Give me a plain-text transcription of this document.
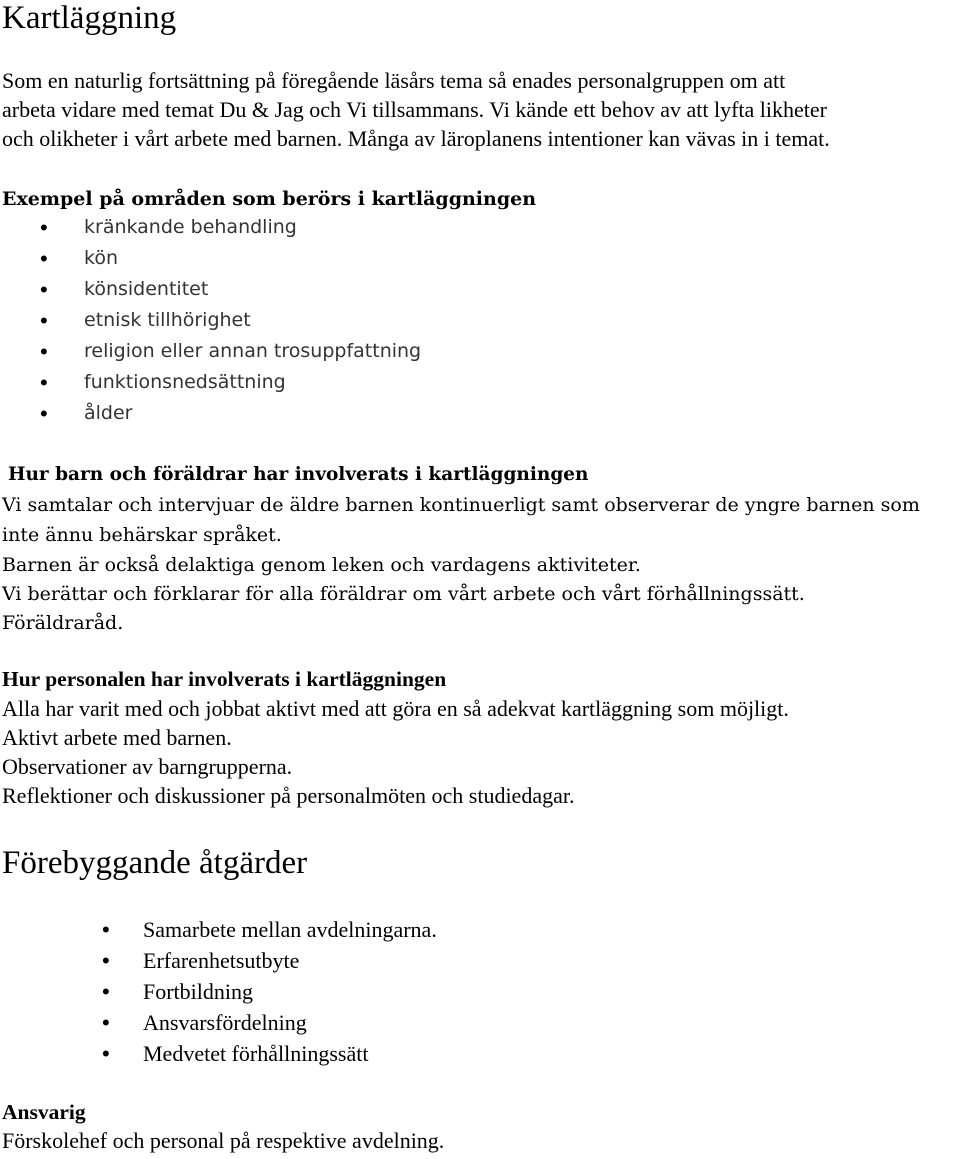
Kartläggning
Som en naturlig fortsättning på föregående läsårs tema så enades personalgruppen om att
arbeta vidare med temat Du & Jag och Vi tillsammans. Vi kände ett behov av att lyfta likheter
och olikheter i vårt arbete med barnen. Många av läroplanens intentioner kan vävas in i temat.
Exempel på områden som berörs i kartläggningen
• kränkande behandling
• kön
• könsidentitet
• etnisk tillhörighet
• religion eller annan trosuppfattning
• funktionsnedsättning
• ålder
Hur barn och föräldrar har involverats i kartläggningen
Vi samtalar och intervjuar de äldre barnen kontinuerligt samt observerar de yngre barnen som
inte ännu behärskar språket.
Barnen är också delaktiga genom leken och vardagens aktiviteter.
Vi berättar och förklarar för alla föräldrar om vårt arbete och vårt förhållningssätt.
Föräldraråd.
Hur personalen har involverats i kartläggningen
Alla har varit med och jobbat aktivt med att göra en så adekvat kartläggning som möjligt.
Aktivt arbete med barnen.
Observationer av barngrupperna.
Reflektioner och diskussioner på personalmöten och studiedagar.
Förebyggande åtgärder
• Samarbete mellan avdelningarna.
• Erfarenhetsutbyte
• Fortbildning
• Ansvarsfördelning
• Medvetet förhållningssätt
Ansvarig
Förskolehef och personal på respektive avdelning.
